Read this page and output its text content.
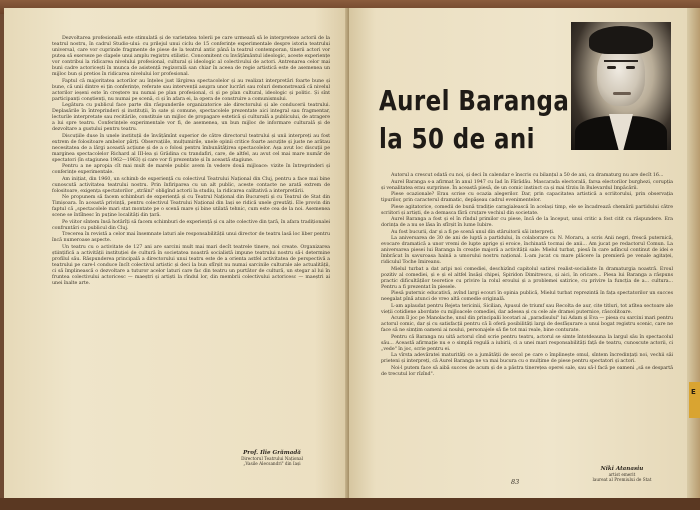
Dezvoltarea profesională este stimulată și de varietatea tolerii pe care urmează să le interpreteze actorii de la teatrul nostru, în cadrul Studio-ului: cu prilejul unui ciclu de 15 conferințe experimentale despre istoria teatrului universal, care vor cuprinde fragmente de piese de la teatrul antic până la teatrul contemporan, tinerii actori vor putea să exerseze pe clapele unui amplu registru stilistic. Concomitent cu învățământul ideologic, aceste experiențe vor contribui la ridicarea nivelului profesional, cultural și ideologic al colectivului de actori. Antrenarea celor mai buni cadre actoricești în munca de asistență regizorală san chiar în aceea de regie artistică este de asemenea un mijloc bun și pretios în ridicarea nivelului lor profesional.

Faptul că majoritatea actorilor au înțeles just lărgirea spectacolelor și au realizat interpretări foarte bune și bune, că unii dintre ei țin conferințe, referate sau intervenții asupra unor lucrări sau roluri demonstrează că nivelul actorilor ieșeni este în creștere nu numai pe plan profesional, ci și pe plan cultural, ideologic și politic. Și sînt participanți conștienți, nu numai pe scenă, ci și în afara ei, la opera de construire a comunismului.

Legătura cu publicul face parte din răspunderile organizatorice ale directorului și ale conducerii teatrului. Deplasările în întreprinderi și instituții, în sate și comune, spectacolele prezentate aici integral sau fragmentar, lecturile interpretate sau recitările, constituie un mijloc de propagare estetică și culturală a publicului, de atragere a lui spre teatru. Conferințele experimentale vor fi, de asemenea, un bun mijloc de informare culturală și de dezvoltare a gustului pentru teatru.

Discuțiile duse în unele instituții de învățămînt superior de către directorul teatrului și unii interpreți au fost extrem de folositoare ambelor părți. Observațiile, mulțumirile, unele opinii critice foarte ascuțite și juste ne arătau necesitatea de a lărgi această acțiune și de a o folosi pentru îmbunătățirea spectacolelor. Așa avut loc discuții pe marginea spectacolelor Richard al III-lea și Grădina cu trandafiri, care, de altfel, au avut cel mai mare număr de spectatori (în stagiunea 1962—1963) și care vor fi prezentate și în această stagiune.

Pentru a ne apropia cît mai mult de marele public avem în vedere două mijloace: vizite în întreprinderi și conferințe experimentale.

Am inițiat, din 1960, un schimb de experiență cu colectivul Teatrului Național din Cluj, pentru a face mai bine cunoscută activitatea teatrului nostru. Prin înfiriparea cu un alt public, aceste contacte ne arată extrem de folositoare, exigența spectatorilor „străini" obligînd actorii la studiu, la ridicarea calitativă a interpretării.

Ne propunem să facem schimburi de experiență și cu Teatrul Național din București și cu Teatrul de Stat din Timișoara. În această privință, pentru colectivul Teatrului Național din Iași se ridică unele greutăți. Ele provin din faptul că „spectacolele mari stat montate pe o scenă mare și bine utilată tehnic, cum este cea de la noi. Asemenea scene se întîlnesc în puține localități din țară.

Pe viitor sîntem însă hotărîți să facem schimburi de experiență și cu alte colective din țară, în afara tradiționalei confruntări cu publicul din Cluj.

Trecerea în revistă a celor mai însemnate laturi ale responsabilității unui director de teatru lasă loc liber pentru încă numeroase aspecte.

Un teatru cu o activitate de 127 ani are sarcini mult mai mari decît teatrele tinere, noi create. Organizarea științifică a activității instituției de cultură în societatea noastră socialistă impune teatrului nostru să-i determine profilul său. Răspunderea principală a directorului unui teatru este de a orienta astfel activitatea de perspectivă a teatrului pe care-l conduce încît colectivul artistic și deci la bun sfîrșit nu numai sarcinile culturale ale actualității, ci să împlinească o dezvoltare a tuturor acelor laturi care fac din teatru un purtător de cultură, un stegar al lui în fruntea colectivului actoricesc — maeștri și artiști la rîndul lor, din membrii colectivului actoricesc — maeștri ai unei înalte arte.

Prof. Ilie Grămadă
Directorul Teatrului Național
„Vasile Alecsandri" din Iași
Aurel Baranga
la 50 de ani

Autorul a crescut odată cu noi, și deci în calendar e înscris cu bilanțul a 50 de ani, ca dramaturg nu are decît 16...

Aurel Baranga s-a afirmat în anul 1947 cu Iad în Fărădău. Mascarada electorală, farsa electorilor burghezi, corupția și venalitatea erau surprinse. În această piesă, de un comic instinct ca și mai tîrziu în Bulevardul Impăcării.

Piese ocazionale? Erau scrise cu ocazia alegerilor. Dar, prin capacitatea artistică a scriitorului, prin observația tipurilor, prin caracterul dramatic, depășeau cadrul evenimentelor.

Piese agitatorice, comedii de bună tradiție caragialească în același timp, ele se încadrează chemării partidului către scriitori și artiști, de a demasca fără cruțare vechiul din societate.

Aurel Baranga a fost și el în rîndul primilor cu piese, încă de la început, unui critic a fost citit cu răspundere. Era dorința de a nu se lăsa în sfîrșit în lume Iubire.

Au fost bucurii, dar și a fi pe scenă unul din stăruitorii săi interpreți.

La aniversarea de 30 de ani de luptă a partidului, în colaborare cu N. Moraru, a scris Anii negri, frescă puternică, evocare dramatică a unor vremi de lupte aprige și eroice, închinată tocmai de anii... Am jucat pe redactorul Comun. La aniversarea piesei lui Baranga în creație majoră a activității sale: Mielul turbat, piesă în care adîncul continut de idei e îmbrăcat în savuroasa haină a umorului nostru național. L-am jucat cu mare plăcere la premieră pe venale agitaței, ridiculul Toche Imireanu.

Mielul turbat a dat aripi noi comediei, deschizînd capitolul satirei realist-socialiste în dramaturgia noastră. Eroul pozitiv al comediei, și e și el altfel însăși chipei, Spiridon Dimitrescu, și aici, în oricare... Piesa lui Baranga a răspuns practic dificultăților teoretice cu privire la rolul eroului și a problemei satirice, cu privire la funcția de a... cultura... Pentru a fi prezentat în piesele.

Piesă puternic educativă, avînd largi ecouri în opinia publică, Mielul turbat reprezintă în fața spectatorilor un succes neegalat pînă atunci de vreo altă comedie originală.

L-am aplaudat pentru Rejeta tericinii, Sicilian, Apusul de triumf sau Recolta de aur, cite titluri, tot atîtea sectoare ale vieții cotidiene abordate cu mijloacele comediei, dar adesea și cu cele ale dramei puternice, răscolitoare.

Acum îl joc pe Manolache, unul din principalii locotari ai „paradisului" lui Adam și Eva — piesa cu sarcini mari pentru actorul comic, dar și cu satisfacții pentru că îi oferă posibilități largi de desfășurare a unui bogat registru scenic, care ne face să ne simțim oameni ai noului, personajele să fie tot mai reale, bine conturate.

Pentru că Baranga nu uită actorul cînd scrie pentru teatru, actorul se simte întotdeauna la largul său în spectacolul său... Această afirmație nu e o simplă regulă a iubirii, ci a unei mari responsabilități față de teatru, cunoscute actorii, ci „vede" în joc, scrie pentru ei.

La vîrsta adevăratei maturități ce a jumătății de secol pe care o împlinește omul, sîntem încredințați noi, vechii săi prieteni și interpreți, că Aurel Baranga ne va mai bucura cu o mulțime de piese pentru spectatori și actori.

Noi-l putem face să aibă succes de acum și de a păstra tinerețea operei sale, sau să-l facă pe oameni „să se despartă de trecutul lor rîzînd".

83
Niki Atanasiu
artist emerit
laureat al Premiului de Stat
E
